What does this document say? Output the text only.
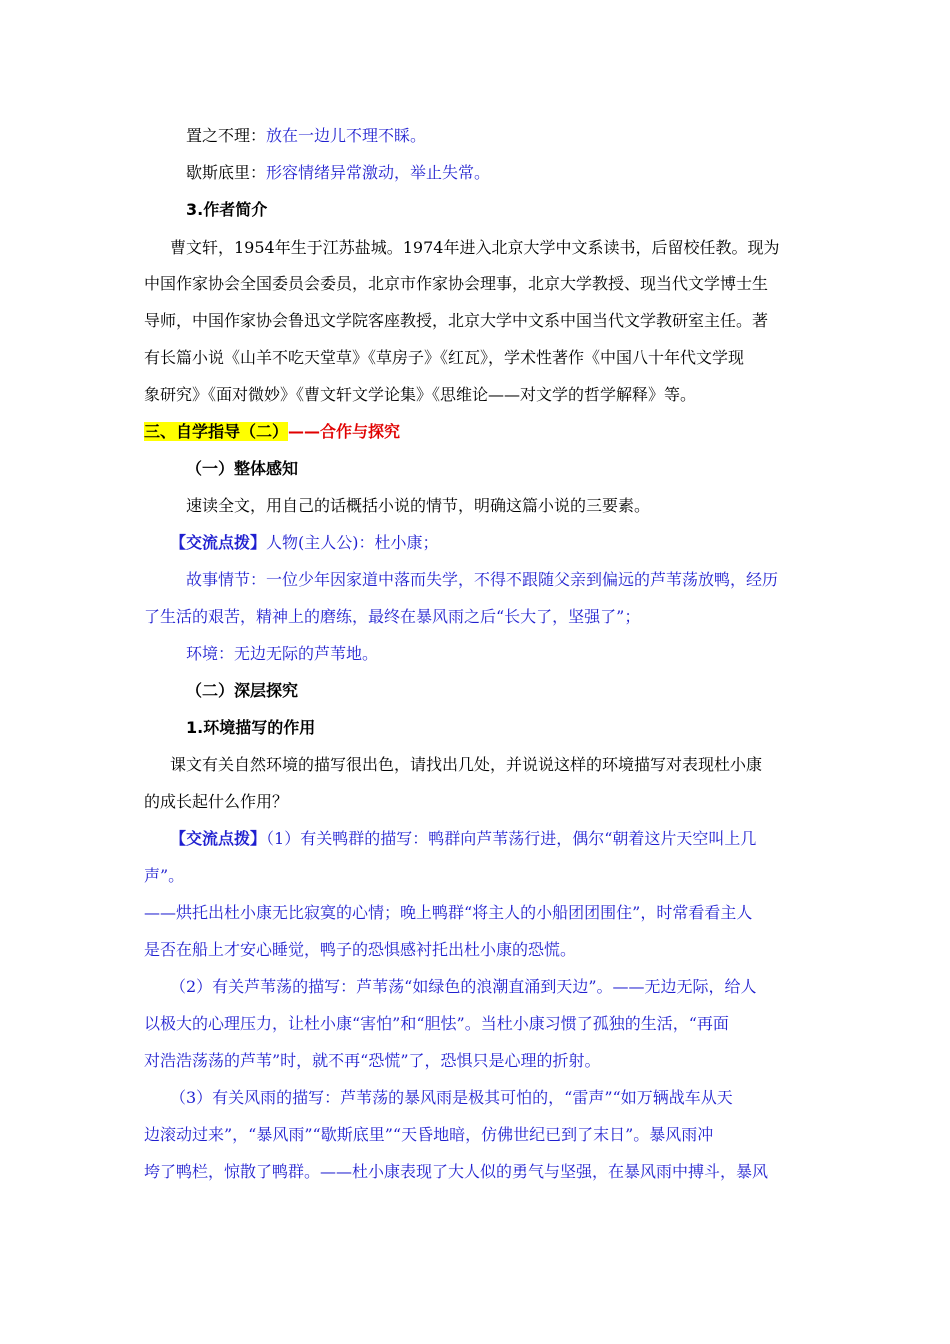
置之不理：放在一边儿不理不睬。
歇斯底里：形容情绪异常激动，举止失常。
3.作者简介
曹文轩，1954年生于江苏盐城。1974年进入北京大学中文系读书，后留校任教。现为
中国作家协会全国委员会委员，北京市作家协会理事，北京大学教授、现当代文学博士生
导师，中国作家协会鲁迅文学院客座教授，北京大学中文系中国当代文学教研室主任。著
有长篇小说《山羊不吃天堂草》《草房子》《红瓦》，学术性著作《中国八十年代文学现
象研究》《面对微妙》《曹文轩文学论集》《思维论——对文学的哲学解释》等。
三、自学指导（二）——合作与探究
（一）整体感知
速读全文，用自己的话概括小说的情节，明确这篇小说的三要素。
【交流点拨】人物(主人公)：杜小康；
故事情节：一位少年因家道中落而失学，不得不跟随父亲到偏远的芦苇荡放鸭，经历
了生活的艰苦，精神上的磨练，最终在暴风雨之后“长大了，坚强了”；
环境：无边无际的芦苇地。
（二）深层探究
1.环境描写的作用
课文有关自然环境的描写很出色，请找出几处，并说说这样的环境描写对表现杜小康
的成长起什么作用？
【交流点拨】（1）有关鸭群的描写：鸭群向芦苇荡行进，偶尔“朝着这片天空叫上几
声”。
——烘托出杜小康无比寂寞的心情；晚上鸭群“将主人的小船团团围住”，时常看看主人
是否在船上才安心睡觉，鸭子的恐惧感衬托出杜小康的恐慌。
（2）有关芦苇荡的描写：芦苇荡“如绿色的浪潮直涌到天边”。——无边无际，给人
以极大的心理压力，让杜小康“害怕”和“胆怯”。当杜小康习惯了孤独的生活，“再面
对浩浩荡荡的芦苇”时，就不再“恐慌”了，恐惧只是心理的折射。
（3）有关风雨的描写：芦苇荡的暴风雨是极其可怕的，“雷声”“如万辆战车从天
边滚动过来”，“暴风雨”“歇斯底里”“天昏地暗，仿佛世纪已到了末日”。暴风雨冲
垮了鸭栏，惊散了鸭群。——杜小康表现了大人似的勇气与坚强，在暴风雨中搏斗，暴风
